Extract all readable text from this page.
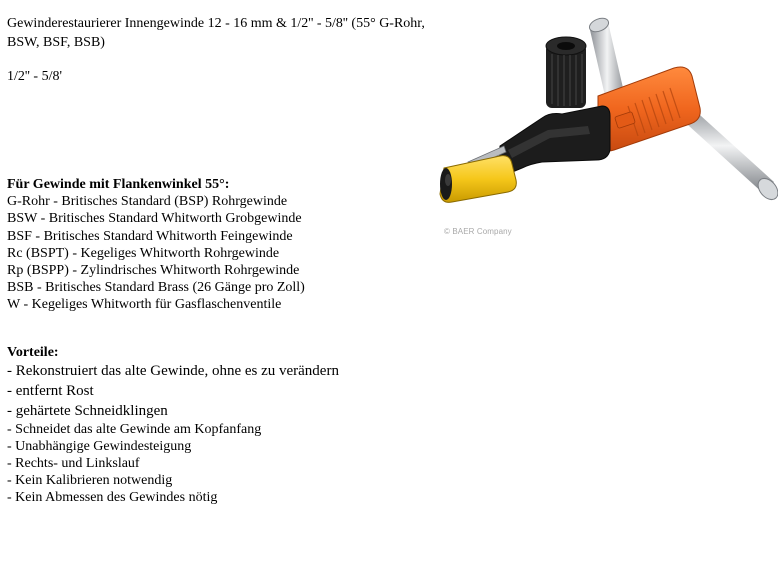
Gewinderestaurierer Innengewinde 12 - 16 mm & 1/2'' - 5/8'' (55° G-Rohr, BSW, BSF, BSB)
1/2'' - 5/8'
© BAER Company
Für Gewinde mit Flankenwinkel 55°:
G-Rohr - Britisches Standard (BSP) Rohrgewinde
BSW - Britisches Standard Whitworth Grobgewinde
BSF - Britisches Standard Whitworth Feingewinde
Rc (BSPT) - Kegeliges Whitworth Rohrgewinde
Rp (BSPP) - Zylindrisches Whitworth Rohrgewinde
BSB - Britisches Standard Brass (26 Gänge pro Zoll)
W - Kegeliges Whitworth für Gasflaschenventile
Vorteile:
- Rekonstruiert das alte Gewinde, ohne es zu verändern
- entfernt Rost
- gehärtete Schneidklingen
- Schneidet das alte Gewinde am Kopfanfang
- Unabhängige Gewindesteigung
- Rechts- und Linkslauf
- Kein Kalibrieren notwendig
- Kein Abmessen des Gewindes nötig
